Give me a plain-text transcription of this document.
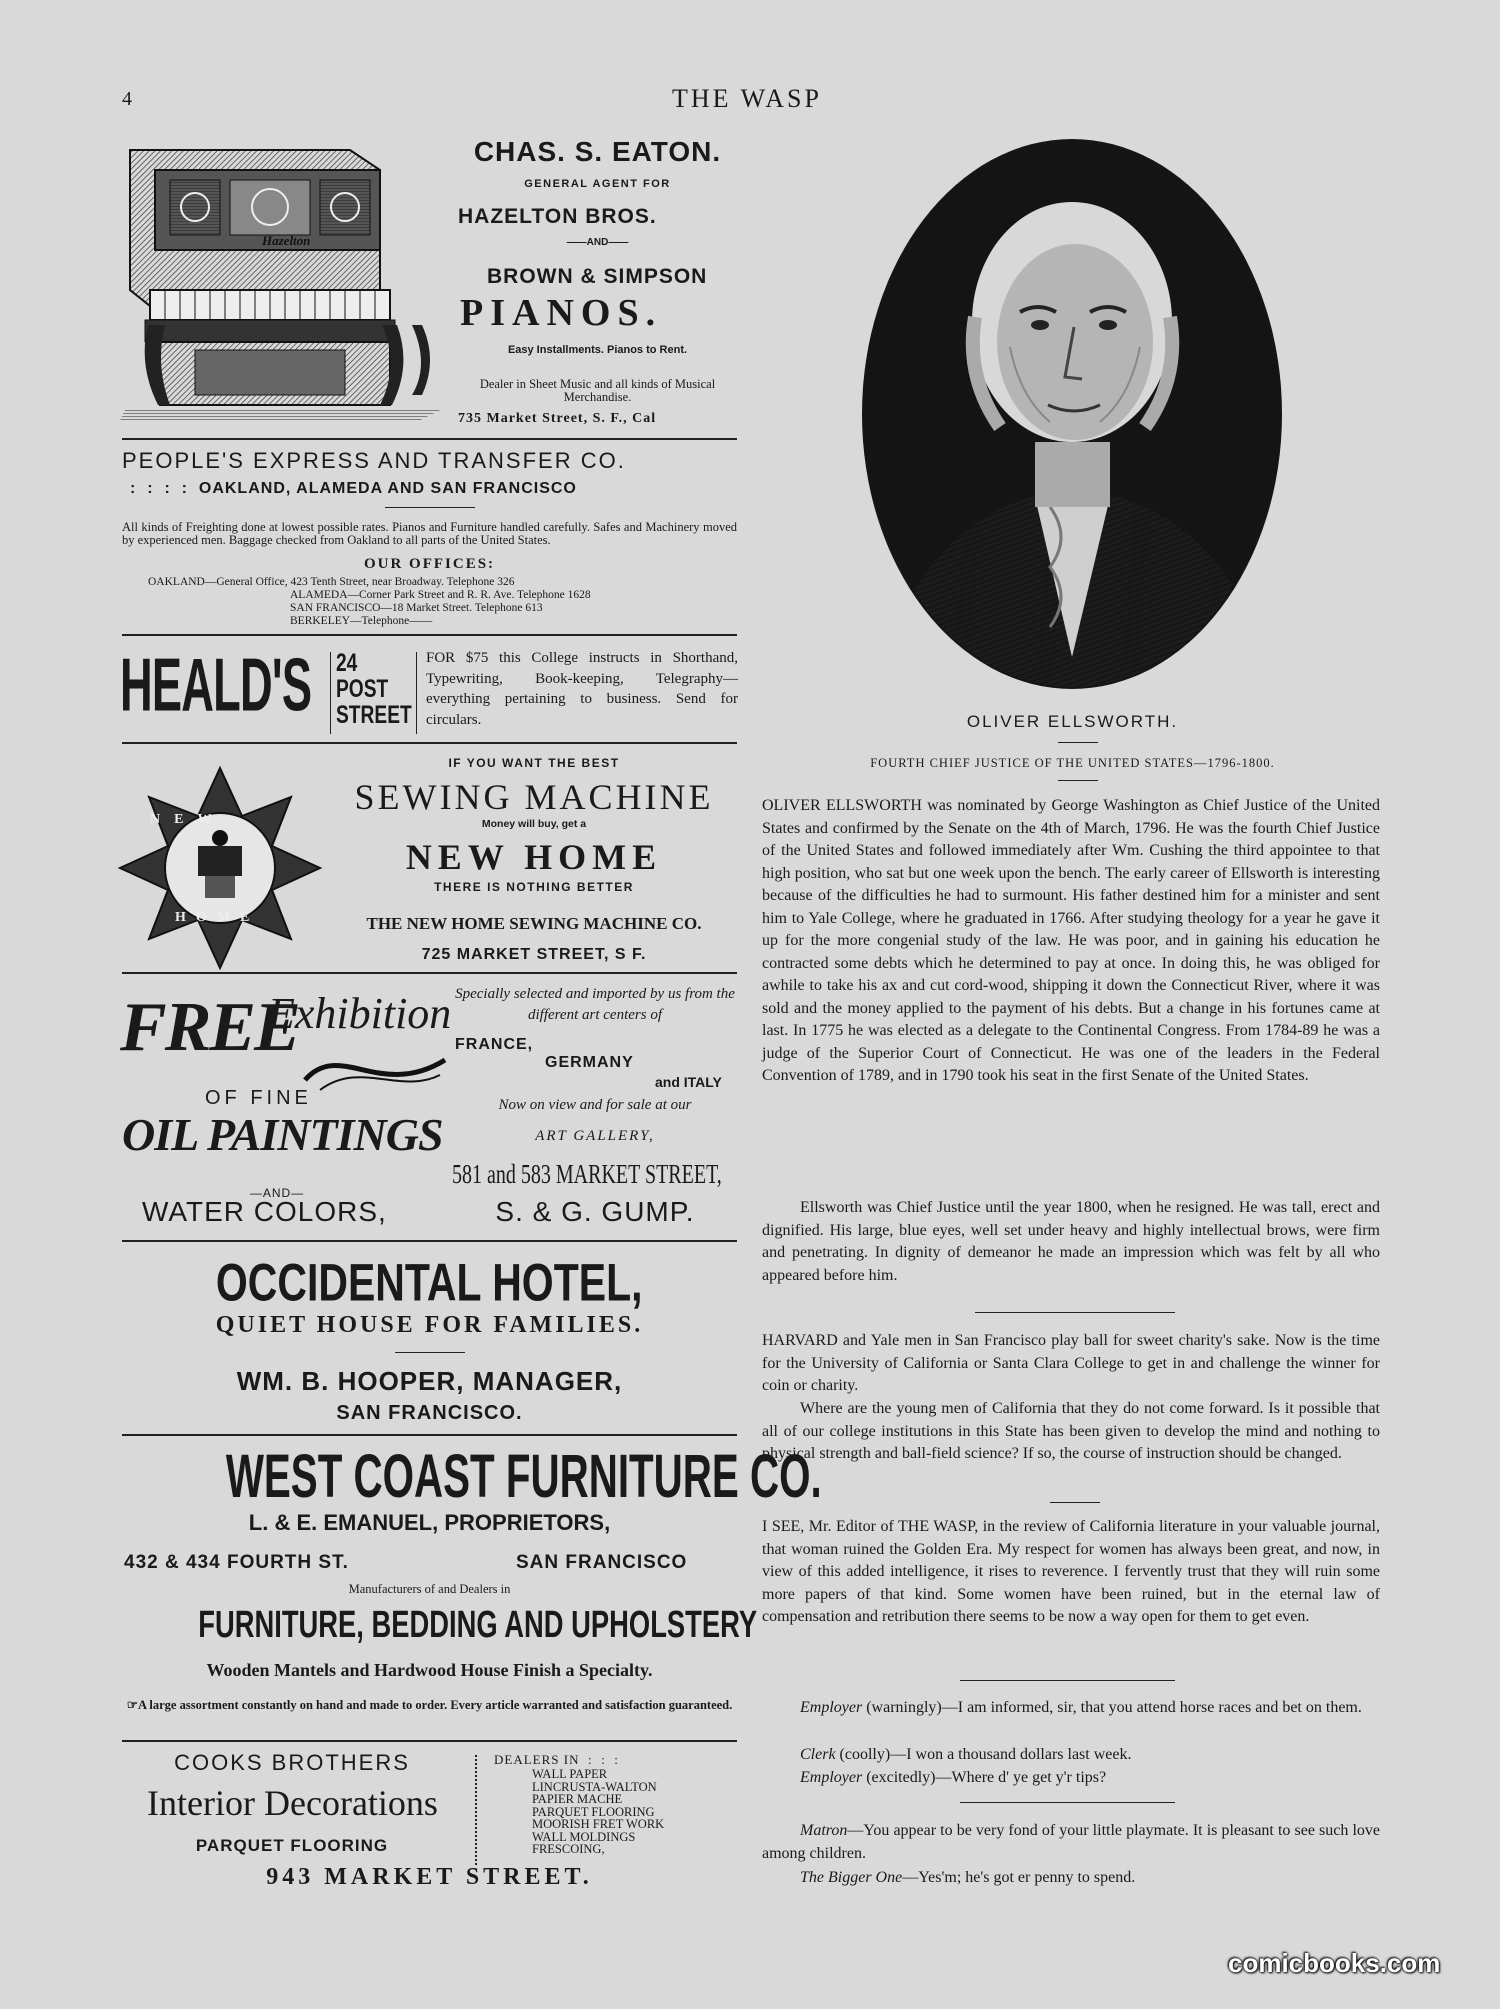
4	THE WASP
Hazelton
CHAS. S. EATON.
GENERAL AGENT FOR
HAZELTON BROS.
——AND——
BROWN & SIMPSON
PIANOS.
Easy Installments. Pianos to Rent.
Dealer in Sheet Music and all kinds of Musical Merchandise.
735 Market Street, S. F., Cal
PEOPLE'S EXPRESS AND TRANSFER CO.
:  :  :  :  OAKLAND, ALAMEDA AND SAN FRANCISCO
All kinds of Freighting done at lowest possible rates. Pianos and Furniture handled carefully. Safes and Machinery moved by experienced men. Baggage checked from Oakland to all parts of the United States.
OUR OFFICES:
OAKLAND—General Office, 423 Tenth Street, near Broadway. Telephone 326
ALAMEDA—Corner Park Street and R. R. Ave. Telephone 1628
SAN FRANCISCO—18 Market Street. Telephone 613
BERKELEY—Telephone——
HEALD'S 24
POST
STREET
FOR $75 this College instructs in Shorthand, Typewriting, Book-keeping, Telegraphy—everything pertaining to business. Send for circulars.
NEW
HOME
IF YOU WANT THE BEST
SEWING MACHINE
Money will buy, get a
NEW HOME
THERE IS NOTHING BETTER
THE NEW HOME SEWING MACHINE CO.
725 MARKET STREET, S F.
FREE
Exhibition
OF FINE
OIL PAINTINGS
—AND—
WATER COLORS,
Specially selected and imported by us from the different art centers of
FRANCE,
GERMANY
and ITALY
Now on view and for sale at our
ART GALLERY,
581 and 583 MARKET STREET,
S. & G. GUMP.
OCCIDENTAL HOTEL,
QUIET HOUSE FOR FAMILIES.
WM. B. HOOPER, MANAGER,
SAN FRANCISCO.
WEST COAST FURNITURE CO.
L. & E. EMANUEL, PROPRIETORS,
432 & 434 FOURTH ST.	SAN FRANCISCO
Manufacturers of and Dealers in
FURNITURE, BEDDING AND UPHOLSTERY
Wooden Mantels and Hardwood House Finish a Specialty.
☞A large assortment constantly on hand and made to order. Every article warranted and satisfaction guaranteed.
COOKS BROTHERS
Interior Decorations
PARQUET FLOORING
DEALERS IN  :  :  :
WALL PAPER
LINCRUSTA-WALTON
PAPIER MACHE
PARQUET FLOORING
MOORISH FRET WORK
WALL MOLDINGS
FRESCOING,
943 MARKET STREET.
OLIVER ELLSWORTH.
FOURTH CHIEF JUSTICE OF THE UNITED STATES—1796-1800.
OLIVER ELLSWORTH was nominated by George Washington as Chief Justice of the United States and confirmed by the Senate on the 4th of March, 1796. He was the fourth Chief Justice of the United States and followed immediately after Wm. Cushing the third appointee to that high position, who sat but one week upon the bench. The early career of Ellsworth is interesting because of the difficulties he had to surmount. His father destined him for a minister and sent him to Yale College, where he graduated in 1766. After studying theology for a year he gave it up for the more congenial study of the law. He was poor, and in gaining his education he contracted some debts which he determined to pay at once. In doing this, he was obliged for awhile to take his ax and cut cord-wood, shipping it down the Connecticut River, where it was sold and the money applied to the payment of his debts. But a change in his fortunes came at last. In 1775 he was elected as a delegate to the Continental Congress. From 1784-89 he was a judge of the Superior Court of Connecticut. He was one of the leaders in the Federal Convention of 1789, and in 1790 took his seat in the first Senate of the United States.
Ellsworth was Chief Justice until the year 1800, when he resigned. He was tall, erect and dignified. His large, blue eyes, well set under heavy and highly intellectual brows, were firm and penetrating. In dignity of demeanor he made an impression which was felt by all who appeared before him.
HARVARD and Yale men in San Francisco play ball for sweet charity's sake. Now is the time for the University of California or Santa Clara College to get in and challenge the winner for coin or charity.
Where are the young men of California that they do not come forward. Is it possible that all of our college institutions in this State has been given to develop the mind and nothing to physical strength and ball-field science? If so, the course of instruction should be changed.
I SEE, Mr. Editor of THE WASP, in the review of California literature in your valuable journal, that woman ruined the Golden Era. My respect for women has always been great, and now, in view of this added intelligence, it rises to reverence. I fervently trust that they will ruin some more papers of that kind. Some women have been ruined, but in the eternal law of compensation and retribution there seems to be now a way open for them to get even.
Employer (warningly)—I am informed, sir, that you attend horse races and bet on them.
Clerk (coolly)—I won a thousand dollars last week.
Employer (excitedly)—Where d' ye get y'r tips?
Matron—You appear to be very fond of your little playmate. It is pleasant to see such love among children.
The Bigger One—Yes'm; he's got er penny to spend.
comicbooks.com
